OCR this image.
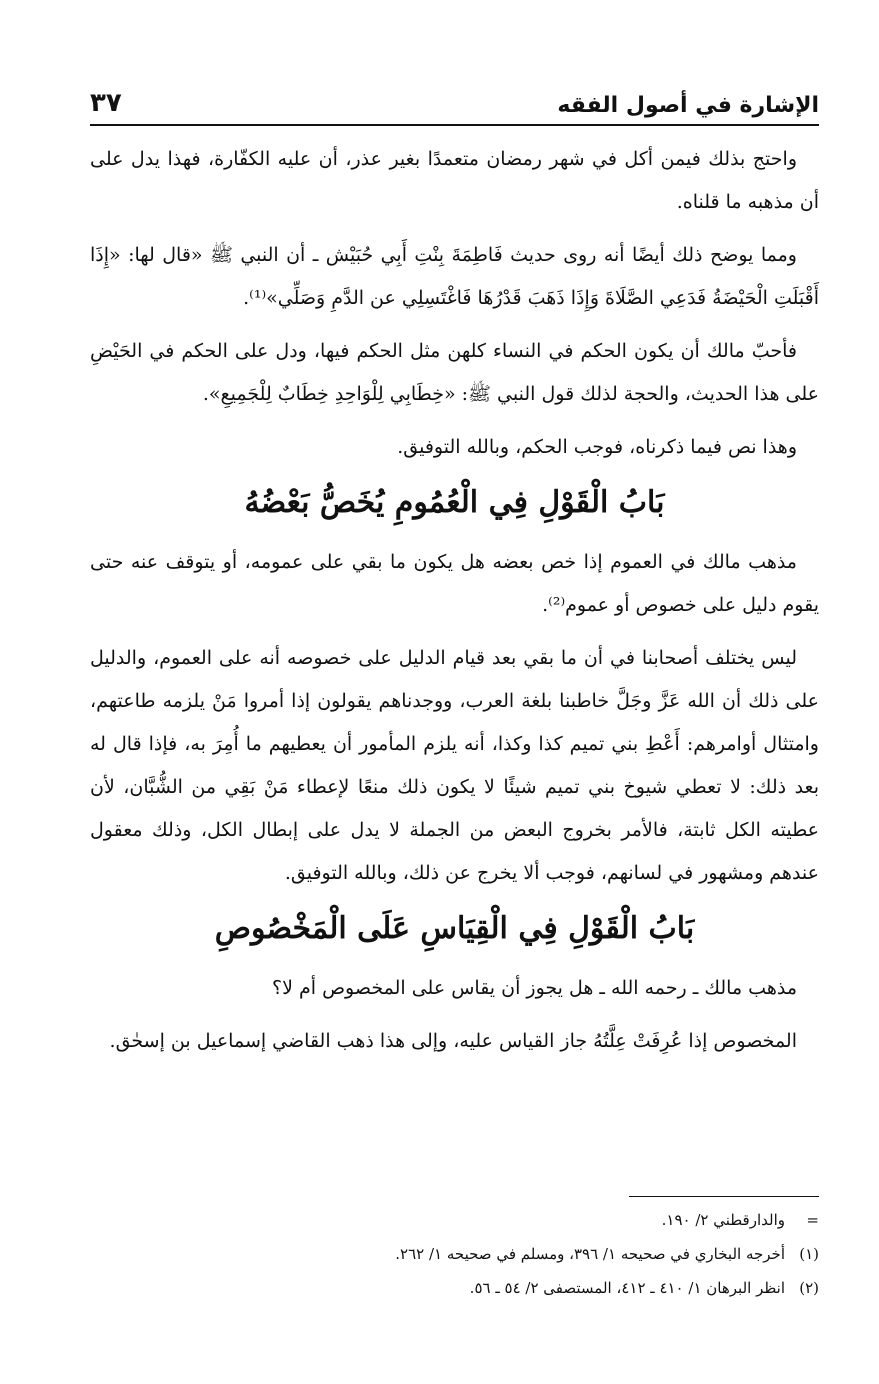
الإشارة في أصول الفقه
٣٧

واحتج بذلك فيمن أكل في شهر رمضان متعمدًا بغير عذر، أن عليه الكفّارة، فهذا يدل على أن مذهبه ما قلناه.

ومما يوضح ذلك أيضًا أنه روى حديث فَاطِمَةَ بِنْتِ أَبِي حُبَيْش ـ أن النبي ﷺ «قال لها: «إِذَا أَقْبَلَتِ الْحَيْضَةُ فَدَعِي الصَّلَاةَ وَإِذَا ذَهَبَ قَدْرُهَا فَاغْتَسِلِي عن الدَّمِ وَصَلِّي»⁽¹⁾.

فأحبّ مالك أن يكون الحكم في النساء كلهن مثل الحكم فيها، ودل على الحكم في الحَيْضِ على هذا الحديث، والحجة لذلك قول النبي ﷺ: «خِطَابِي لِلْوَاحِدِ خِطَابٌ لِلْجَمِيعِ».

وهذا نص فيما ذكرناه، فوجب الحكم، وبالله التوفيق.

بَابُ الْقَوْلِ فِي الْعُمُومِ يُخَصُّ بَعْضُهُ

مذهب مالك في العموم إذا خص بعضه هل يكون ما بقي على عمومه، أو يتوقف عنه حتى يقوم دليل على خصوص أو عموم⁽²⁾.

ليس يختلف أصحابنا في أن ما بقي بعد قيام الدليل على خصوصه أنه على العموم، والدليل على ذلك أن الله عَزَّ وجَلَّ خاطبنا بلغة العرب، ووجدناهم يقولون إذا أمروا مَنْ يلزمه طاعتهم، وامتثال أوامرهم: أَعْطِ بني تميم كذا وكذا، أنه يلزم المأمور أن يعطيهم ما أُمِرَ به، فإذا قال له بعد ذلك: لا تعطي شيوخ بني تميم شيئًا لا يكون ذلك منعًا لإعطاء مَنْ بَقِي من الشُّبَّان، لأن عطيته الكل ثابتة، فالأمر بخروج البعض من الجملة لا يدل على إبطال الكل، وذلك معقول عندهم ومشهور في لسانهم، فوجب ألا يخرج عن ذلك، وبالله التوفيق.

بَابُ الْقَوْلِ فِي الْقِيَاسِ عَلَى الْمَخْصُوصِ

مذهب مالك ـ رحمه الله ـ هل يجوز أن يقاس على المخصوص أم لا؟

المخصوص إذا عُرِفَتْ عِلَّتُهُ جاز القياس عليه، وإلى هذا ذهب القاضي إسماعيل بن إسحٰق.

=والدارقطني ٢/ ١٩٠.

(١)أخرجه البخاري في صحيحه ١/ ٣٩٦، ومسلم في صحيحه ١/ ٢٦٢.

(٢)انظر البرهان ١/ ٤١٠ ـ ٤١٢، المستصفى ٢/ ٥٤ ـ ٥٦.
